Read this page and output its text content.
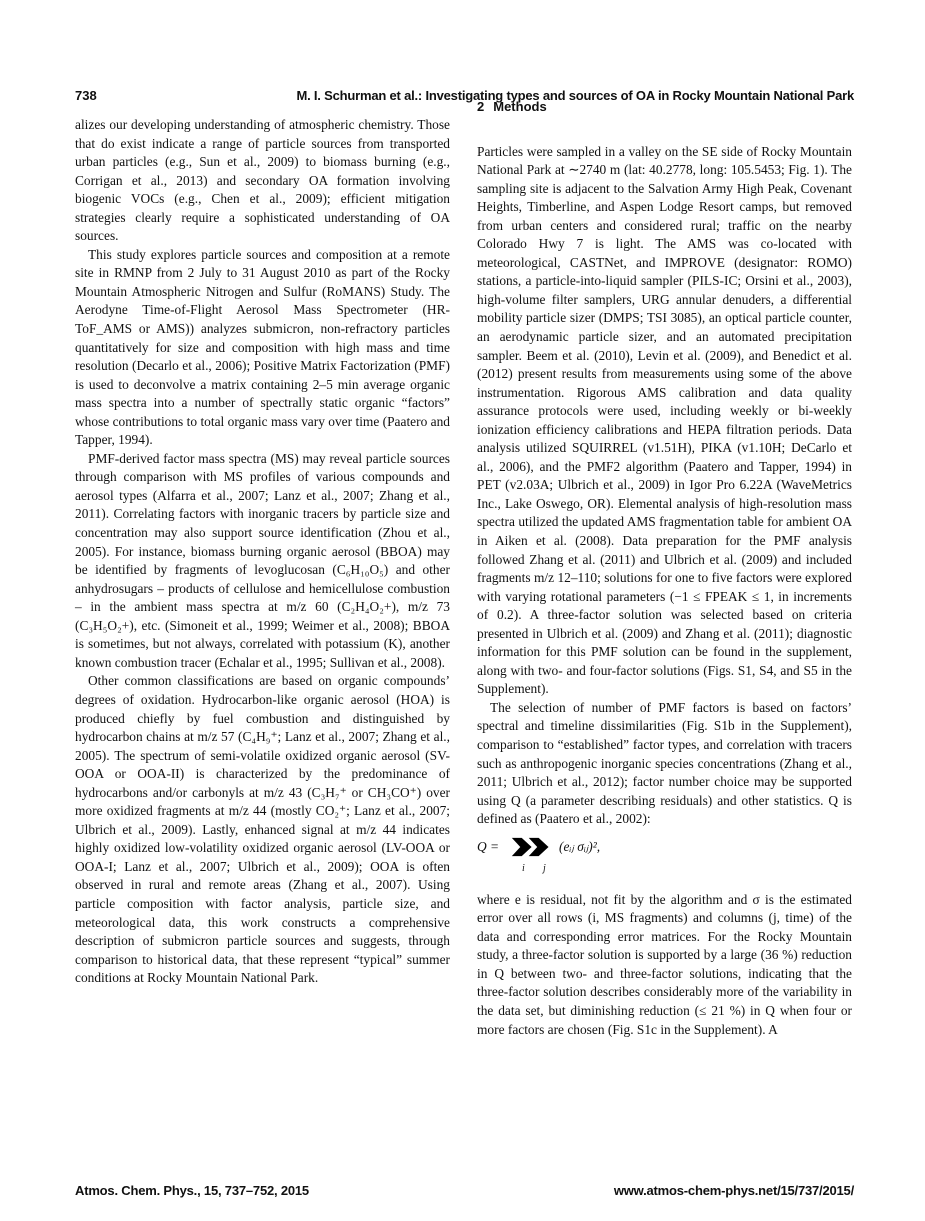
738	M. I. Schurman et al.: Investigating types and sources of OA in Rocky Mountain National Park

alizes our developing understanding of atmospheric chemistry. Those that do exist indicate a range of particle sources from transported urban particles (e.g., Sun et al., 2009) to biomass burning (e.g., Corrigan et al., 2013) and secondary OA formation involving biogenic VOCs (e.g., Chen et al., 2009); efficient mitigation strategies clearly require a sophisticated understanding of OA sources.

This study explores particle sources and composition at a remote site in RMNP from 2 July to 31 August 2010 as part of the Rocky Mountain Atmospheric Nitrogen and Sulfur (RoMANS) Study. The Aerodyne Time-of-Flight Aerosol Mass Spectrometer (HR-ToF_AMS or AMS)) analyzes submicron, non-refractory particles quantitatively for size and composition with high mass and time resolution (Decarlo et al., 2006); Positive Matrix Factorization (PMF) is used to deconvolve a matrix containing 2–5 min average organic mass spectra into a number of spectrally static organic “factors” whose contributions to total organic mass vary over time (Paatero and Tapper, 1994).

PMF-derived factor mass spectra (MS) may reveal particle sources through comparison with MS profiles of various compounds and aerosol types (Alfarra et al., 2007; Lanz et al., 2007; Zhang et al., 2011). Correlating factors with inorganic tracers by particle size and concentration may also support source identification (Zhou et al., 2005). For instance, biomass burning organic aerosol (BBOA) may be identified by fragments of levoglucosan (C₆H₁₀O₅) and other anhydrosugars – products of cellulose and hemicellulose combustion – in the ambient mass spectra at m/z 60 (C₂H₄O₂+), m/z 73 (C₃H₅O₂+), etc. (Simoneit et al., 1999; Weimer et al., 2008); BBOA is sometimes, but not always, correlated with potassium (K), another known combustion tracer (Echalar et al., 1995; Sullivan et al., 2008).

Other common classifications are based on organic compounds’ degrees of oxidation. Hydrocarbon-like organic aerosol (HOA) is produced chiefly by fuel combustion and distinguished by hydrocarbon chains at m/z 57 (C₄H₉⁺; Lanz et al., 2007; Zhang et al., 2005). The spectrum of semi-volatile oxidized organic aerosol (SV-OOA or OOA-II) is characterized by the predominance of hydrocarbons and/or carbonyls at m/z 43 (C₃H₇⁺ or CH₃CO⁺) over more oxidized fragments at m/z 44 (mostly CO₂⁺; Lanz et al., 2007; Ulbrich et al., 2009). Lastly, enhanced signal at m/z 44 indicates highly oxidized low-volatility oxidized organic aerosol (LV-OOA or OOA-I; Lanz et al., 2007; Ulbrich et al., 2009); OOA is often observed in rural and remote areas (Zhang et al., 2007). Using particle composition with factor analysis, particle size, and meteorological data, this work constructs a comprehensive description of submicron particle sources and suggests, through comparison to historical data, that these represent “typical” summer conditions at Rocky Mountain National Park.

2 Methods

Particles were sampled in a valley on the SE side of Rocky Mountain National Park at ∼2740 m (lat: 40.2778, long: 105.5453; Fig. 1). The sampling site is adjacent to the Salvation Army High Peak, Covenant Heights, Timberline, and Aspen Lodge Resort camps, but removed from urban centers and considered rural; traffic on the nearby Colorado Hwy 7 is light. The AMS was co-located with meteorological, CASTNet, and IMPROVE (designator: ROMO) stations, a particle-into-liquid sampler (PILS-IC; Orsini et al., 2003), high-volume filter samplers, URG annular denuders, a differential mobility particle sizer (DMPS; TSI 3085), an optical particle counter, an aerodynamic particle sizer, and an automated precipitation sampler. Beem et al. (2010), Levin et al. (2009), and Benedict et al. (2012) present results from measurements using some of the above instrumentation. Rigorous AMS calibration and data quality assurance protocols were used, including weekly or bi-weekly ionization efficiency calibrations and HEPA filtration periods. Data analysis utilized SQUIRREL (v1.51H), PIKA (v1.10H; DeCarlo et al., 2006), and the PMF2 algorithm (Paatero and Tapper, 1994) in PET (v2.03A; Ulbrich et al., 2009) in Igor Pro 6.22A (WaveMetrics Inc., Lake Oswego, OR). Elemental analysis of high-resolution mass spectra utilized the updated AMS fragmentation table for ambient OA in Aiken et al. (2008). Data preparation for the PMF analysis followed Zhang et al. (2011) and Ulbrich et al. (2009) and included fragments m/z 12–110; solutions for one to five factors were explored with varying rotational parameters (−1 ≤ FPEAK ≤ 1, in increments of 0.2). A three-factor solution was selected based on criteria presented in Ulbrich et al. (2009) and Zhang et al. (2011); diagnostic information for this PMF solution can be found in the supplement, along with two- and four-factor solutions (Figs. S1, S4, and S5 in the Supplement).

The selection of number of PMF factors is based on factors’ spectral and timeline dissimilarities (Fig. S1b in the Supplement), comparison to “established” factor types, and correlation with tracers such as anthropogenic inorganic species concentrations (Zhang et al., 2011; Ulbrich et al., 2012); factor number choice may be supported using Q (a parameter describing residuals) and other statistics. Q is defined as (Paatero et al., 2002):

Q =	(eᵢⱼ σᵢⱼ)²,
i j

where e is residual, not fit by the algorithm and σ is the estimated error over all rows (i, MS fragments) and columns (j, time) of the data and corresponding error matrices. For the Rocky Mountain study, a three-factor solution is supported by a large (36 %) reduction in Q between two- and three-factor solutions, indicating that the three-factor solution describes considerably more of the variability in the data set, but diminishing reduction (≤ 21 %) in Q when four or more factors are chosen (Fig. S1c in the Supplement). A

Atmos. Chem. Phys., 15, 737–752, 2015	www.atmos-chem-phys.net/15/737/2015/
